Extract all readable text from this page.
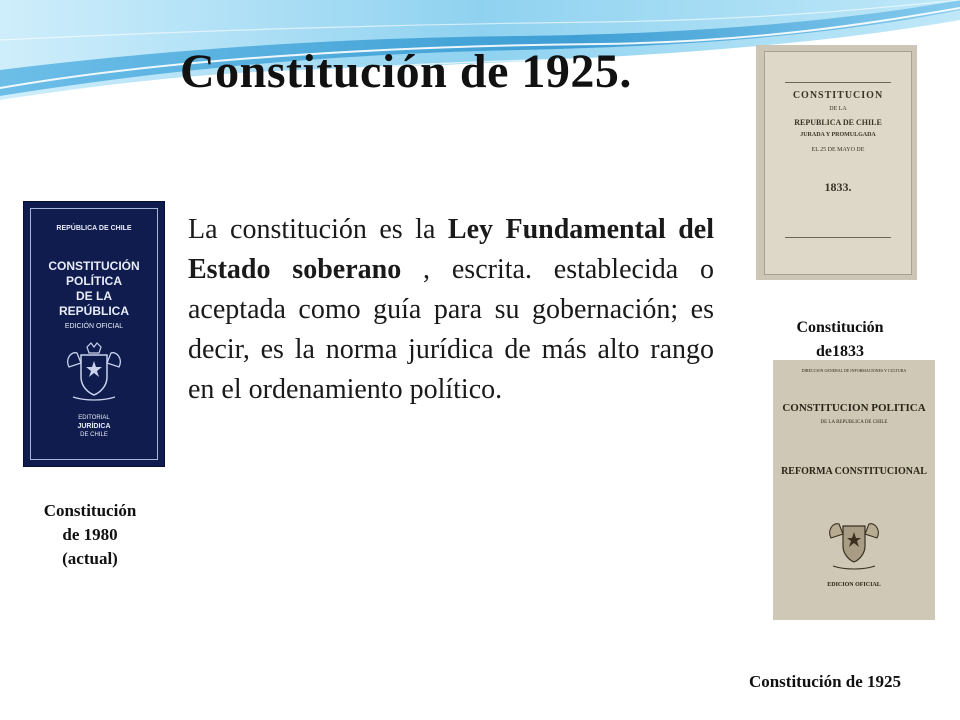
Constitución de 1925.
La constitución es la Ley Fundamental del Estado soberano , escrita. establecida o aceptada como guía para su gobernación; es decir, es la norma jurídica de más alto rango en el ordenamiento político.
REPÚBLICA DE CHILE
CONSTITUCIÓN
POLÍTICA
DE LA
REPÚBLICA
EDICIÓN OFICIAL
EDITORIAL
JURÍDICA
DE CHILE
Constitución
de 1980
(actual)
CONSTITUCION
DE LA
REPUBLICA DE CHILE
JURADA Y PROMULGADA
EL 25 DE MAYO DE
1833.
Constitución
de1833
DIRECCION GENERAL DE INFORMACIONES Y CULTURA
CONSTITUCION POLITICA
DE LA REPUBLICA DE CHILE
REFORMA CONSTITUCIONAL
EDICION OFICIAL
Constitución de 1925
